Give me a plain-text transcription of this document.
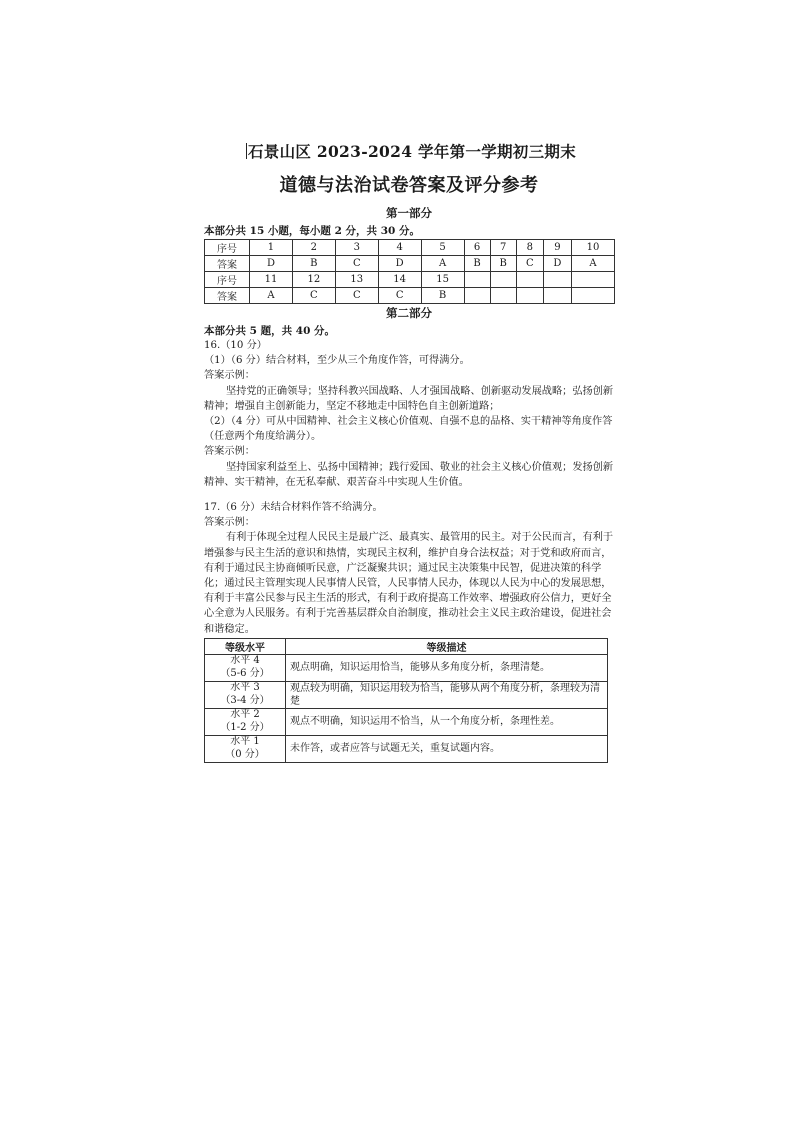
石景山区 2023-2024 学年第一学期初三期末
道德与法治试卷答案及评分参考
第一部分
本部分共 15 小题，每小题 2 分，共 30 分。
序号	1	2	3	4	5	6	7	8	9	10
答案	D	B	C	D	A	B	B	C	D	A
序号	11	12	13	14	15					
答案	A	C	C	C	B					
第二部分
本部分共 5 题，共 40 分。
16.（10 分）
（1）（6 分）结合材料，至少从三个角度作答，可得满分。
答案示例：
坚持党的正确领导；坚持科教兴国战略、人才强国战略、创新驱动发展战略；弘扬创新精神；增强自主创新能力，坚定不移地走中国特色自主创新道路；
（2）（4 分）可从中国精神、社会主义核心价值观、自强不息的品格、实干精神等角度作答（任意两个角度给满分）。
答案示例：
坚持国家利益至上、弘扬中国精神；践行爱国、敬业的社会主义核心价值观；发扬创新精神、实干精神，在无私奉献、艰苦奋斗中实现人生价值。
17.（6 分）未结合材料作答不给满分。
答案示例：
有利于体现全过程人民民主是最广泛、最真实、最管用的民主。对于公民而言，有利于增强参与民主生活的意识和热情，实现民主权利，维护自身合法权益；对于党和政府而言，有利于通过民主协商倾听民意，广泛凝聚共识；通过民主决策集中民智，促进决策的科学化；通过民主管理实现人民事情人民管，人民事情人民办，体现以人民为中心的发展思想，有利于丰富公民参与民主生活的形式，有利于政府提高工作效率、增强政府公信力，更好全心全意为人民服务。有利于完善基层群众自治制度，推动社会主义民主政治建设，促进社会和谐稳定。
等级水平	等级描述

水平 4
（5-6 分）	观点明确，知识运用恰当，能够从多角度分析，条理清楚。

水平 3
（3-4 分）	观点较为明确，知识运用较为恰当，能够从两个角度分析，条理较为清楚

水平 2
（1-2 分）	观点不明确，知识运用不恰当，从一个角度分析，条理性差。

水平 1
（0 分）	未作答，或者应答与试题无关，重复试题内容。
